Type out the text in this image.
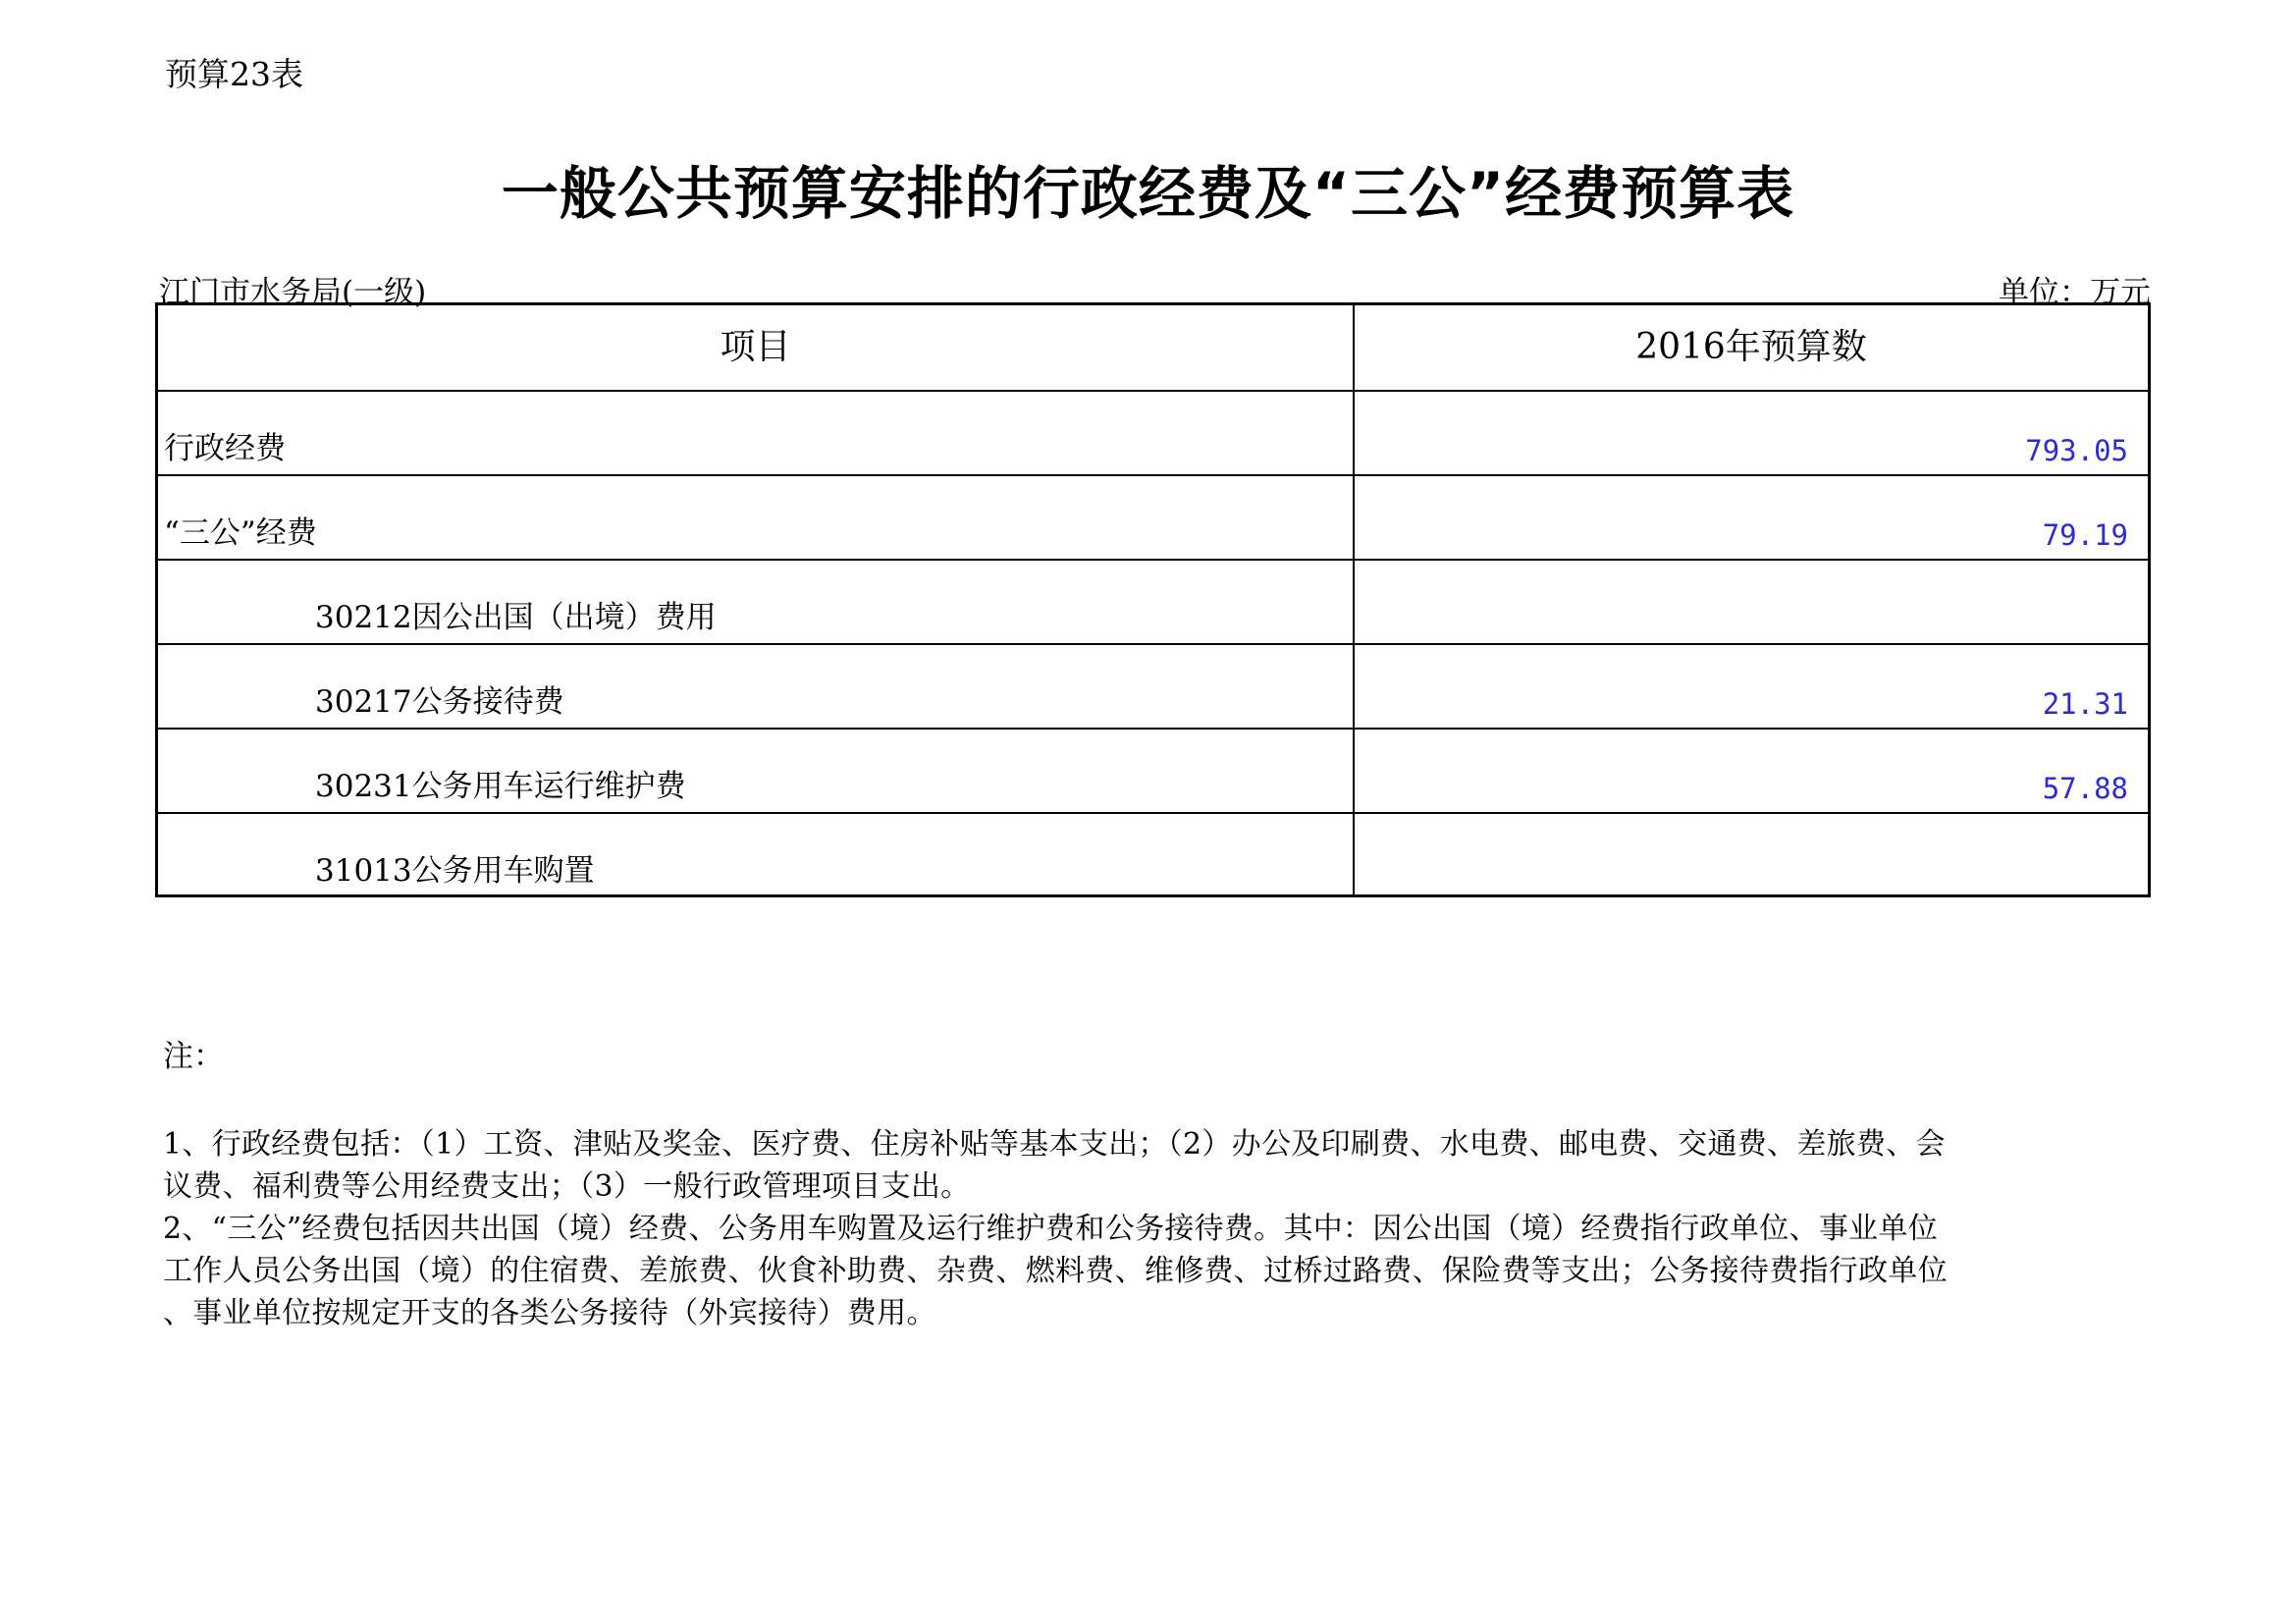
预算23表
一般公共预算安排的行政经费及“三公”经费预算表
江门市水务局(一级)	单位：万元
项目	2016年预算数
行政经费	793.05
“三公”经费	79.19
30212因公出国（出境）费用
30217公务接待费	21.31
30231公务用车运行维护费	57.88
31013公务用车购置
注：
1、行政经费包括：（1）工资、津贴及奖金、医疗费、住房补贴等基本支出；（2）办公及印刷费、水电费、邮电费、交通费、差旅费、会
议费、福利费等公用经费支出；（3）一般行政管理项目支出。
2、“三公”经费包括因共出国（境）经费、公务用车购置及运行维护费和公务接待费。其中：因公出国（境）经费指行政单位、事业单位
工作人员公务出国（境）的住宿费、差旅费、伙食补助费、杂费、燃料费、维修费、过桥过路费、保险费等支出；公务接待费指行政单位
、事业单位按规定开支的各类公务接待（外宾接待）费用。
